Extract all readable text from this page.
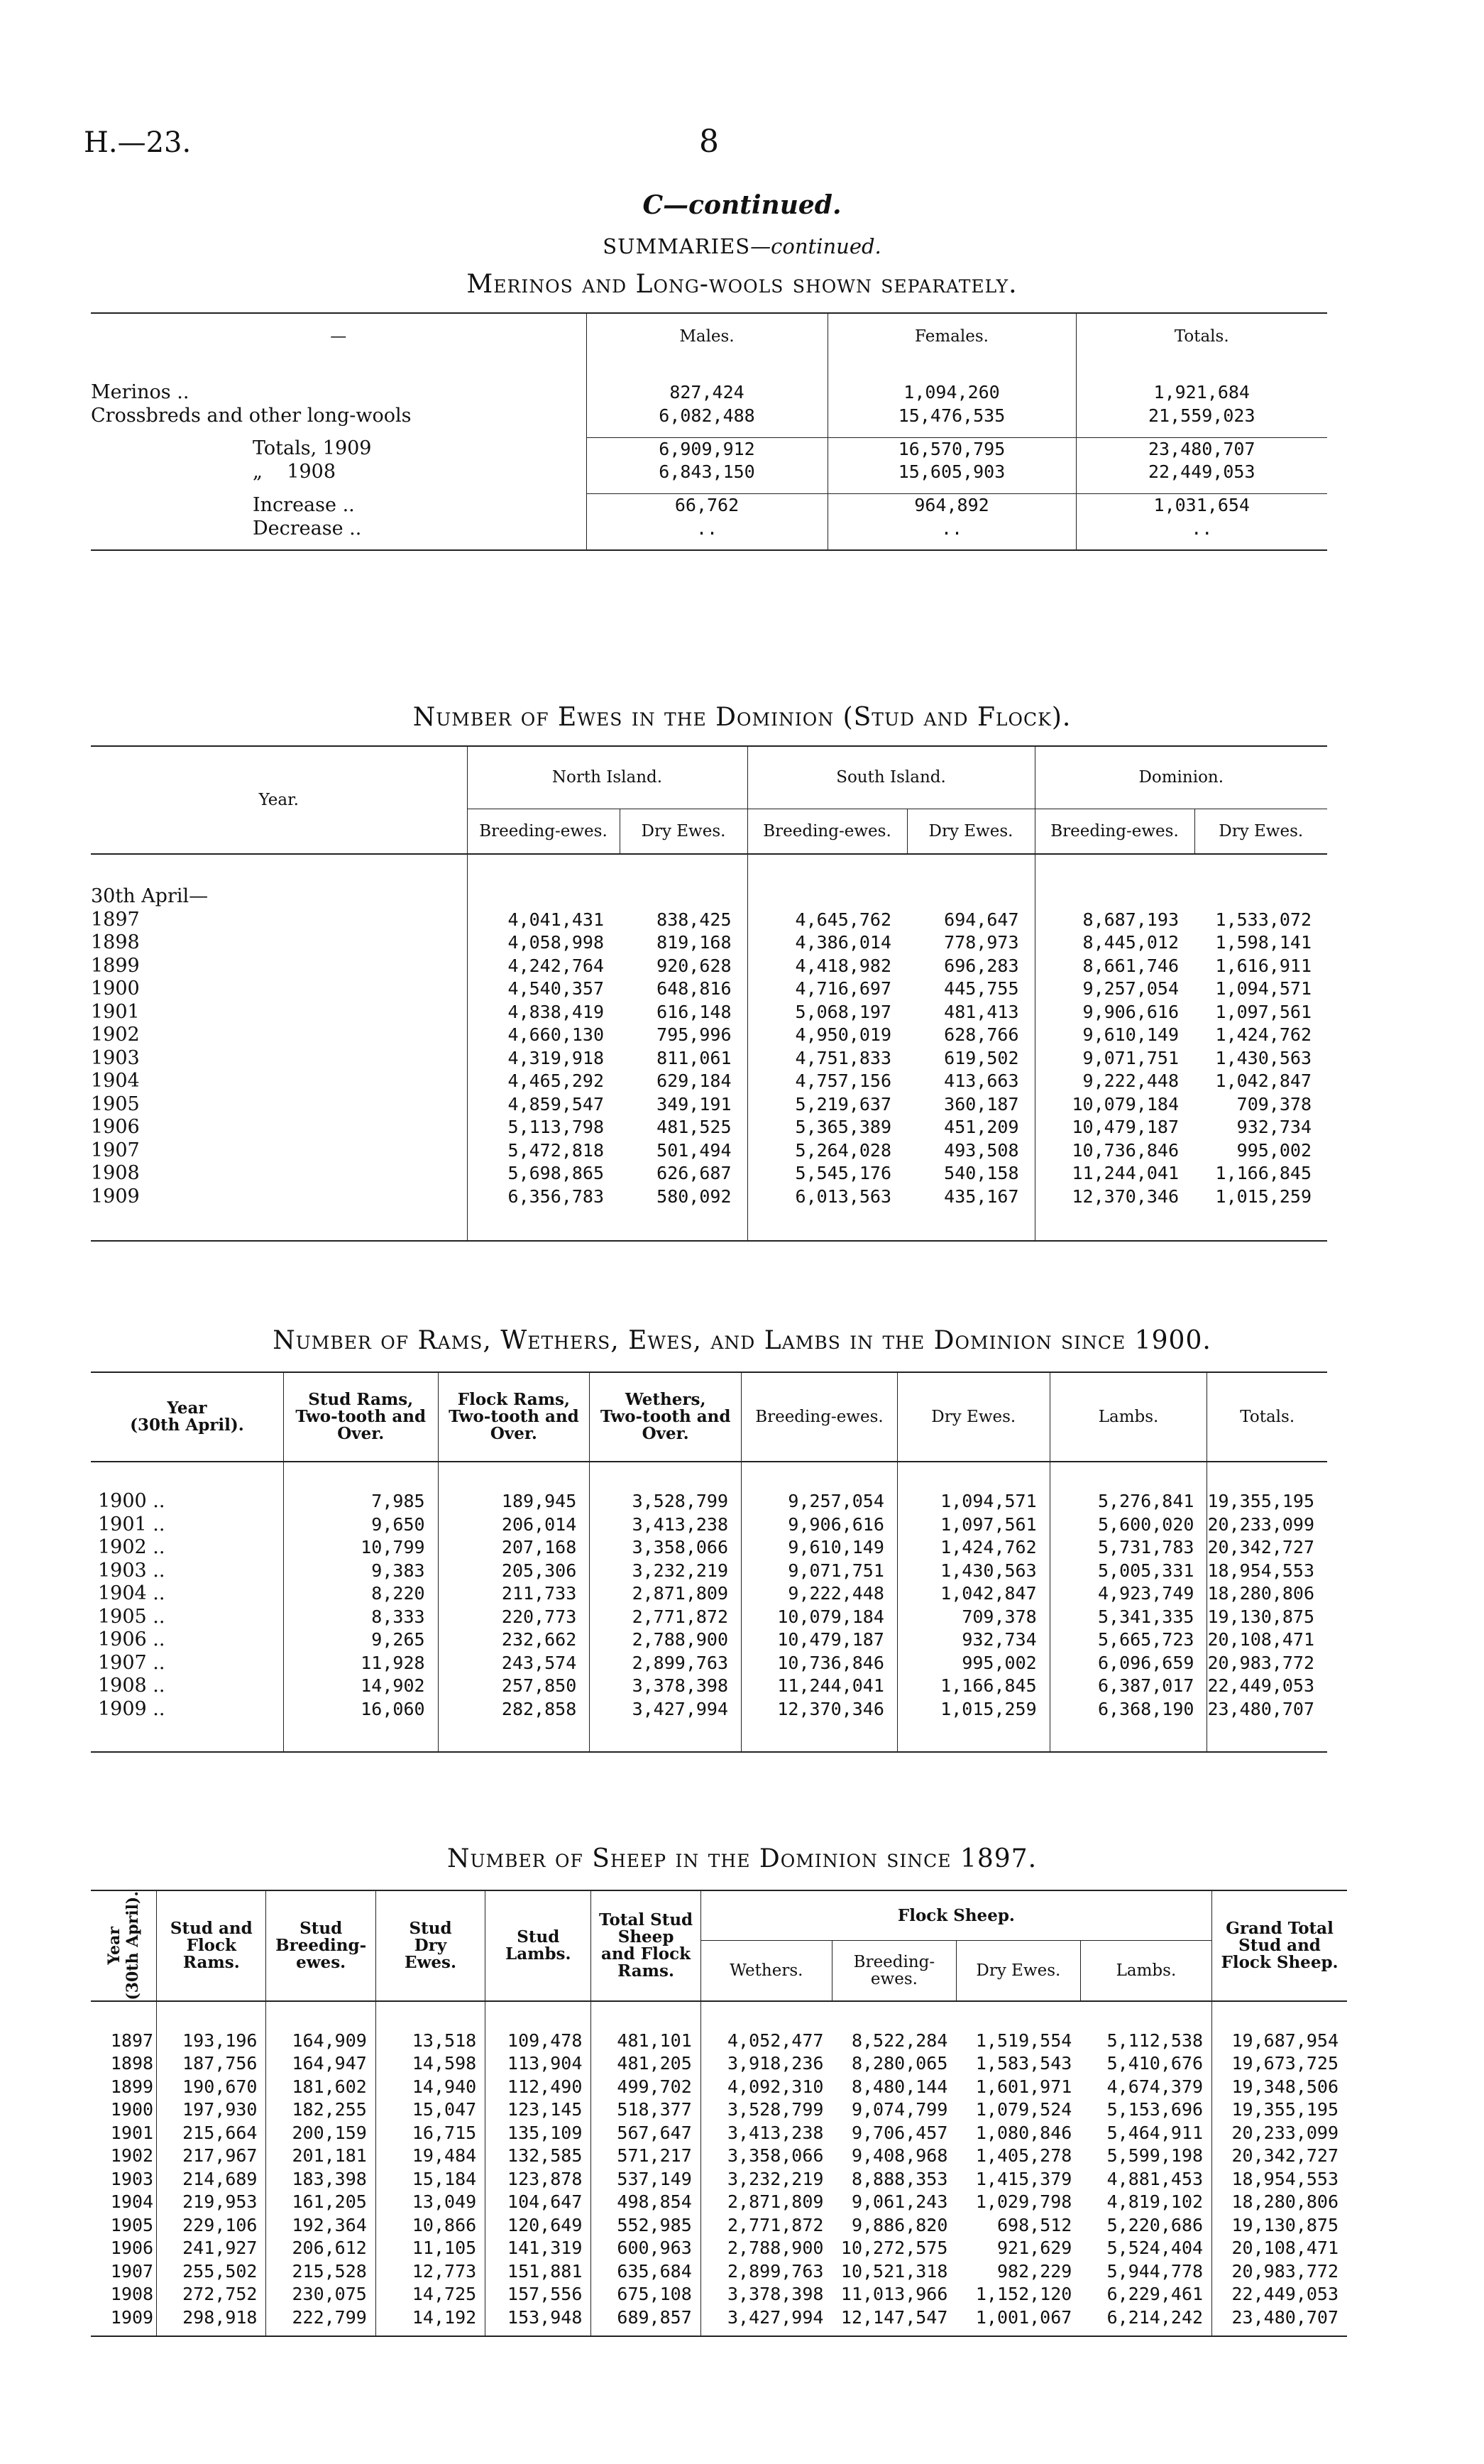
H.—23.	8
C—continued.
SUMMARIES—continued.
Merinos and Long-wools shown separately.
—	Males.	Females.	Totals.

Merinos ..	827,424	1,094,260	1,921,684
Crossbreds and other long-wools	6,082,488	15,476,535	21,559,023

Totals, 1909	6,909,912	16,570,795	23,480,707
„    1908	6,843,150	15,605,903	22,449,053

Increase ..	66,762	964,892	1,031,654
Decrease ..	..	..	..

Number of Ewes in the Dominion (Stud and Flock).
Year.	North Island.		South Island.		Dominion.	
	Breeding-ewes.	Dry Ewes.	Breeding-ewes.	Dry Ewes.	Breeding-ewes.	Dry Ewes.

30th April—						
1897	4,041,431	838,425	4,645,762	694,647	8,687,193	1,533,072
1898	4,058,998	819,168	4,386,014	778,973	8,445,012	1,598,141
1899	4,242,764	920,628	4,418,982	696,283	8,661,746	1,616,911
1900	4,540,357	648,816	4,716,697	445,755	9,257,054	1,094,571
1901	4,838,419	616,148	5,068,197	481,413	9,906,616	1,097,561
1902	4,660,130	795,996	4,950,019	628,766	9,610,149	1,424,762
1903	4,319,918	811,061	4,751,833	619,502	9,071,751	1,430,563
1904	4,465,292	629,184	4,757,156	413,663	9,222,448	1,042,847
1905	4,859,547	349,191	5,219,637	360,187	10,079,184	709,378
1906	5,113,798	481,525	5,365,389	451,209	10,479,187	932,734
1907	5,472,818	501,494	5,264,028	493,508	10,736,846	995,002
1908	5,698,865	626,687	5,545,176	540,158	11,244,041	1,166,845
1909	6,356,783	580,092	6,013,563	435,167	12,370,346	1,015,259

Number of Rams, Wethers, Ewes, and Lambs in the Dominion since 1900.
Year
(30th April).	Stud Rams,
Two-tooth and
Over.	Flock Rams,
Two-tooth and
Over.	Wethers,
Two-tooth and
Over.	Breeding-ewes.	Dry Ewes.	Lambs.	Totals.

1900 ..	7,985	189,945	3,528,799	9,257,054	1,094,571	5,276,841	19,355,195
1901 ..	9,650	206,014	3,413,238	9,906,616	1,097,561	5,600,020	20,233,099
1902 ..	10,799	207,168	3,358,066	9,610,149	1,424,762	5,731,783	20,342,727
1903 ..	9,383	205,306	3,232,219	9,071,751	1,430,563	5,005,331	18,954,553
1904 ..	8,220	211,733	2,871,809	9,222,448	1,042,847	4,923,749	18,280,806
1905 ..	8,333	220,773	2,771,872	10,079,184	709,378	5,341,335	19,130,875
1906 ..	9,265	232,662	2,788,900	10,479,187	932,734	5,665,723	20,108,471
1907 ..	11,928	243,574	2,899,763	10,736,846	995,002	6,096,659	20,983,772
1908 ..	14,902	257,850	3,378,398	11,244,041	1,166,845	6,387,017	22,449,053
1909 ..	16,060	282,858	3,427,994	12,370,346	1,015,259	6,368,190	23,480,707

Number of Sheep in the Dominion since 1897.
Year
(30th April).	Stud and
Flock
Rams.	Stud
Breeding-
ewes.	Stud
Dry
Ewes.	Stud
Lambs.	Total Stud
Sheep
and Flock
Rams.	Flock Sheep.				Grand Total
Stud and
Flock Sheep.
						Wethers.	Breeding-
ewes.	Dry Ewes.	Lambs.	

1897	193,196	164,909	13,518	109,478	481,101	4,052,477	8,522,284	1,519,554	5,112,538	19,687,954
1898	187,756	164,947	14,598	113,904	481,205	3,918,236	8,280,065	1,583,543	5,410,676	19,673,725
1899	190,670	181,602	14,940	112,490	499,702	4,092,310	8,480,144	1,601,971	4,674,379	19,348,506
1900	197,930	182,255	15,047	123,145	518,377	3,528,799	9,074,799	1,079,524	5,153,696	19,355,195
1901	215,664	200,159	16,715	135,109	567,647	3,413,238	9,706,457	1,080,846	5,464,911	20,233,099
1902	217,967	201,181	19,484	132,585	571,217	3,358,066	9,408,968	1,405,278	5,599,198	20,342,727
1903	214,689	183,398	15,184	123,878	537,149	3,232,219	8,888,353	1,415,379	4,881,453	18,954,553
1904	219,953	161,205	13,049	104,647	498,854	2,871,809	9,061,243	1,029,798	4,819,102	18,280,806
1905	229,106	192,364	10,866	120,649	552,985	2,771,872	9,886,820	698,512	5,220,686	19,130,875
1906	241,927	206,612	11,105	141,319	600,963	2,788,900	10,272,575	921,629	5,524,404	20,108,471
1907	255,502	215,528	12,773	151,881	635,684	2,899,763	10,521,318	982,229	5,944,778	20,983,772
1908	272,752	230,075	14,725	157,556	675,108	3,378,398	11,013,966	1,152,120	6,229,461	22,449,053
1909	298,918	222,799	14,192	153,948	689,857	3,427,994	12,147,547	1,001,067	6,214,242	23,480,707
